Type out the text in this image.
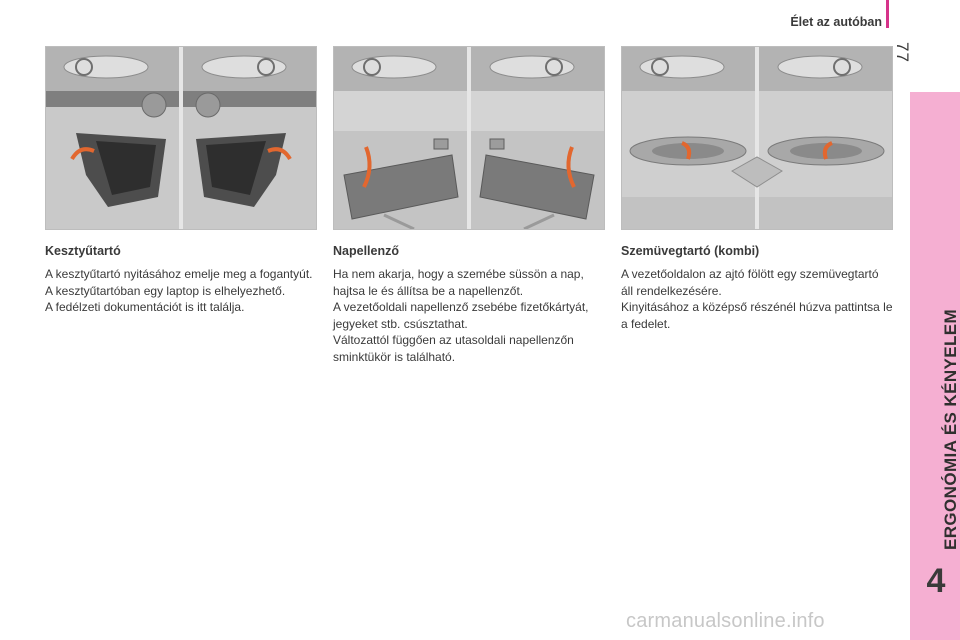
Élet az autóban
77
ERGONÓMIA ÉS KÉNYELEM
4
Kesztyűtartó

A kesztyűtartó nyitásához emelje meg a fogantyút.

A kesztyűtartóban egy laptop is elhelyezhető.

A fedélzeti dokumentációt is itt találja.

Napellenző

Ha nem akarja, hogy a szemébe süssön a nap, hajtsa le és állítsa be a napellenzőt.

A vezetőoldali napellenző zsebébe fizetőkártyát, jegyeket stb. csúsztathat.

Változattól függően az utasoldali napellenzőn sminktükör is található.

Szemüvegtartó (kombi)

A vezetőoldalon az ajtó fölött egy szemüvegtartó áll rendelkezésére.

Kinyitásához a középső részénél húzva pattintsa le a fedelet.

carmanualsonline.info
